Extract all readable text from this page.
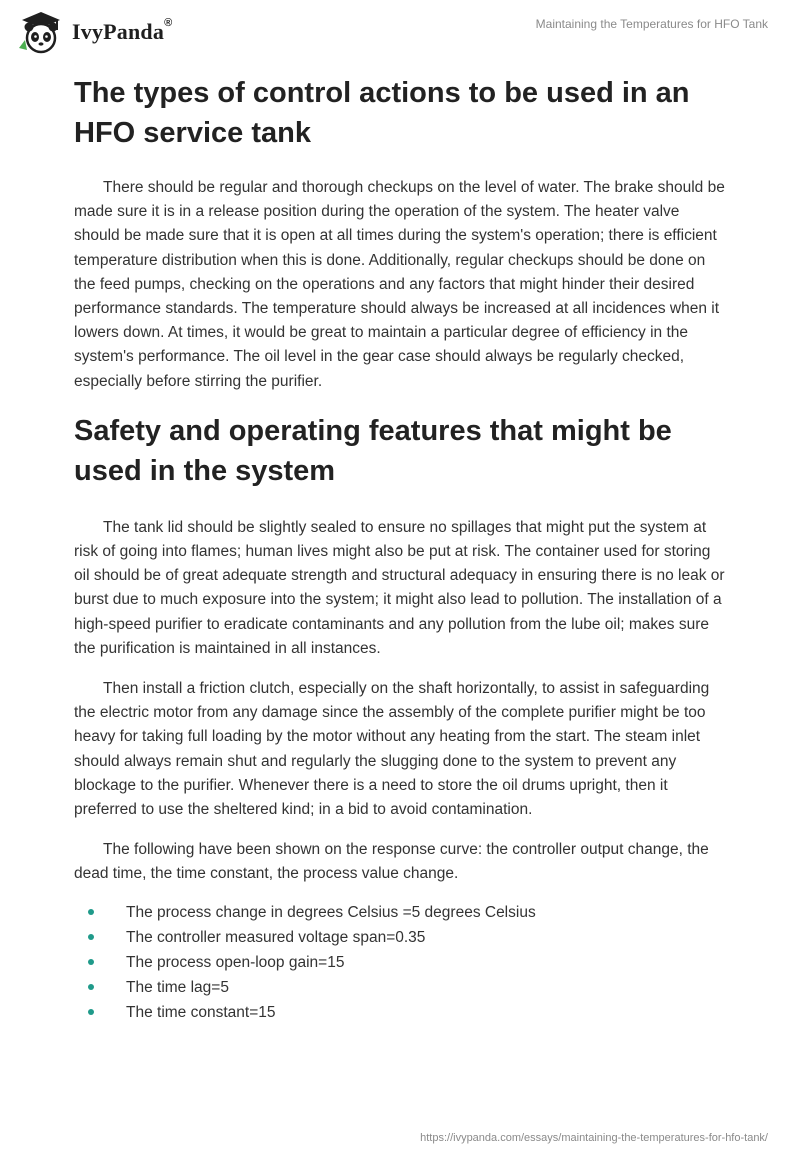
IvyPanda®	Maintaining the Temperatures for HFO Tank
The types of control actions to be used in an HFO service tank

There should be regular and thorough checkups on the level of water. The brake should be made sure it is in a release position during the operation of the system. The heater valve should be made sure that it is open at all times during the system's operation; there is efficient temperature distribution when this is done. Additionally, regular checkups should be done on the feed pumps, checking on the operations and any factors that might hinder their desired performance standards. The temperature should always be increased at all incidences when it lowers down. At times, it would be great to maintain a particular degree of efficiency in the system's performance. The oil level in the gear case should always be regularly checked, especially before stirring the purifier.

Safety and operating features that might be used in the system

The tank lid should be slightly sealed to ensure no spillages that might put the system at risk of going into flames; human lives might also be put at risk. The container used for storing oil should be of great adequate strength and structural adequacy in ensuring there is no leak or burst due to much exposure into the system; it might also lead to pollution. The installation of a high-speed purifier to eradicate contaminants and any pollution from the lube oil; makes sure the purification is maintained in all instances.

Then install a friction clutch, especially on the shaft horizontally, to assist in safeguarding the electric motor from any damage since the assembly of the complete purifier might be too heavy for taking full loading by the motor without any heating from the start. The steam inlet should always remain shut and regularly the slugging done to the system to prevent any blockage to the purifier. Whenever there is a need to store the oil drums upright, then it preferred to use the sheltered kind; in a bid to avoid contamination.

The following have been shown on the response curve: the controller output change, the dead time, the time constant, the process value change.

The process change in degrees Celsius =5 degrees Celsius
The controller measured voltage span=0.35
The process open-loop gain=15
The time lag=5
The time constant=15
https://ivypanda.com/essays/maintaining-the-temperatures-for-hfo-tank/
